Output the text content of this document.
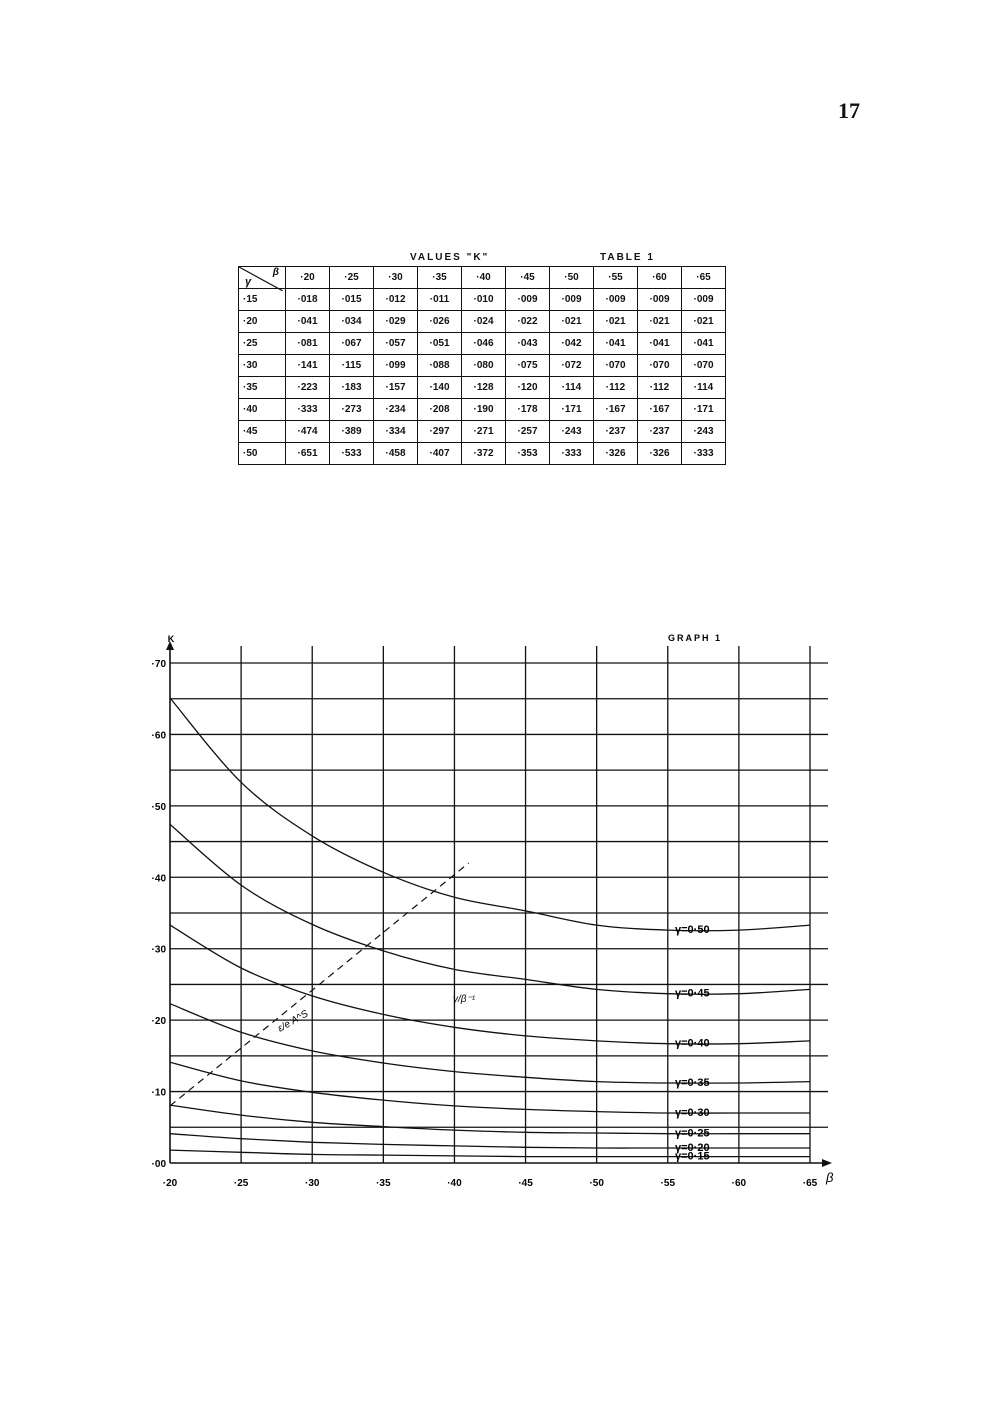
17
VALUES "K"	TABLE 1
β
γ	·20	·25	·30	·35	·40	·45	·50	·55	·60	·65
·15	·018	·015	·012	·011	·010	·009	·009	·009	·009	·009
·20	·041	·034	·029	·026	·024	·022	·021	·021	·021	·021
·25	·081	·067	·057	·051	·046	·043	·042	·041	·041	·041
·30	·141	·115	·099	·088	·080	·075	·072	·070	·070	·070
·35	·223	·183	·157	·140	·128	·120	·114	·112	·112	·114
·40	·333	·273	·234	·208	·190	·178	·171	·167	·167	·171
·45	·474	·389	·334	·297	·271	·257	·243	·237	·237	·243
·50	·651	·533	·458	·407	·372	·353	·333	·326	·326	·333
·00
·10
·20
·30
·40
·50
·60
·70
·20	·25	·30	·35	·40	·45	·50	·55	·60	·65
K
β
GRAPH 1
γ=0·15
γ=0·20
γ=0·25
γ=0·30
γ=0·35
γ=0·40
γ=0·45
γ=0·50
ε/e A^S
γ/β⁻¹
